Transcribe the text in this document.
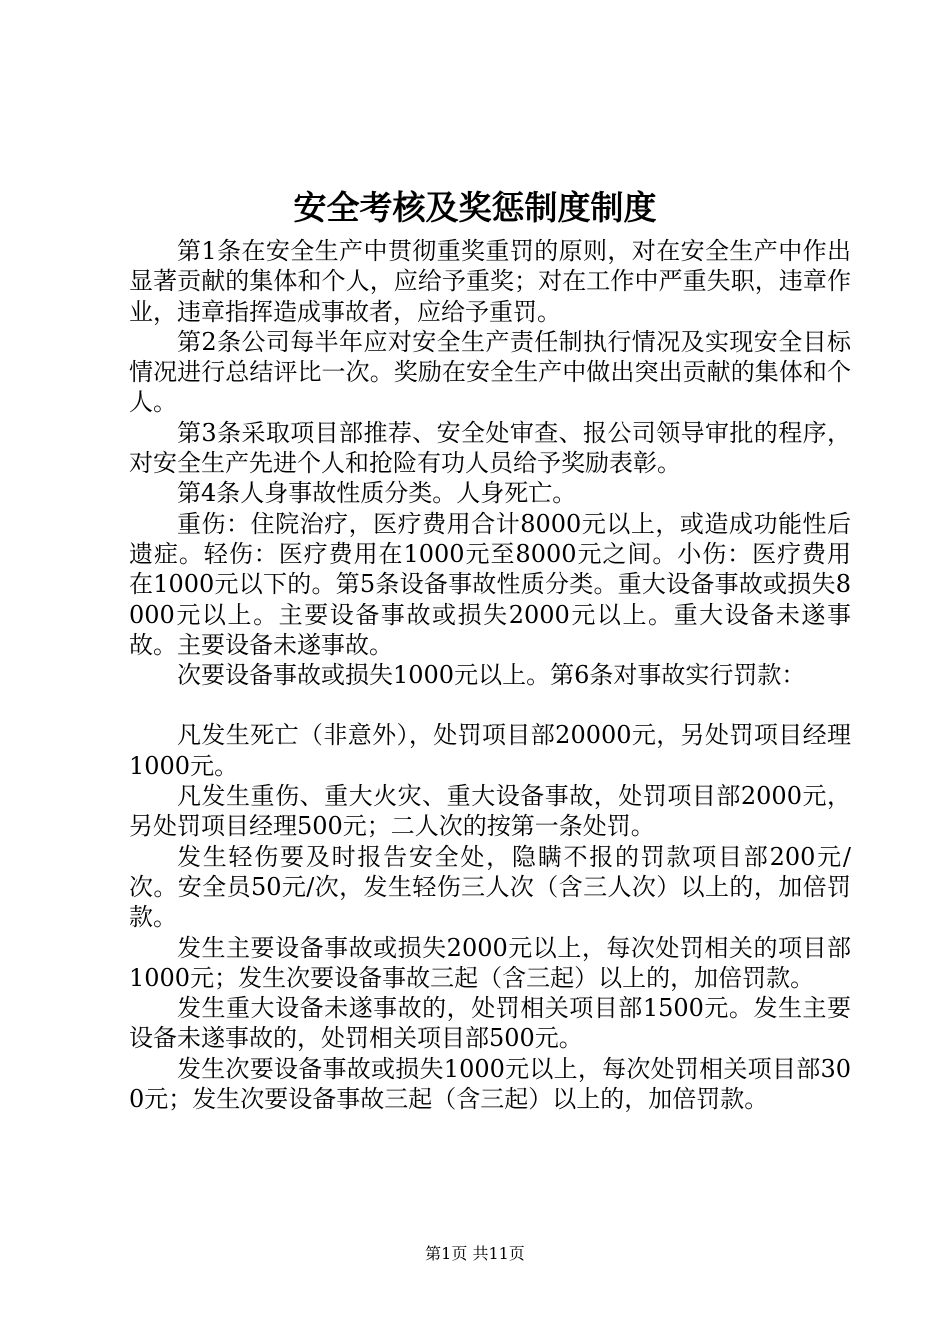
安全考核及奖惩制度制度

第1条在安全生产中贯彻重奖重罚的原则，对在安全生产中作出显著贡献的集体和个人，应给予重奖；对在工作中严重失职，违章作业，违章指挥造成事故者，应给予重罚。

第2条公司每半年应对安全生产责任制执行情况及实现安全目标情况进行总结评比一次。奖励在安全生产中做出突出贡献的集体和个人。

第3条采取项目部推荐、安全处审查、报公司领导审批的程序，对安全生产先进个人和抢险有功人员给予奖励表彰。

第4条人身事故性质分类。人身死亡。

重伤：住院治疗，医疗费用合计8000元以上，或造成功能性后遗症。轻伤：医疗费用在1000元至8000元之间。小伤：医疗费用在1000元以下的。第5条设备事故性质分类。重大设备事故或损失8000元以上。主要设备事故或损失2000元以上。重大设备未遂事故。主要设备未遂事故。

次要设备事故或损失1000元以上。第6条对事故实行罚款：

凡发生死亡（非意外），处罚项目部20000元，另处罚项目经理1000元。

凡发生重伤、重大火灾、重大设备事故，处罚项目部2000元，另处罚项目经理500元；二人次的按第一条处罚。

发生轻伤要及时报告安全处，隐瞒不报的罚款项目部200元/次。安全员50元/次，发生轻伤三人次（含三人次）以上的，加倍罚款。

发生主要设备事故或损失2000元以上，每次处罚相关的项目部1000元；发生次要设备事故三起（含三起）以上的，加倍罚款。

发生重大设备未遂事故的，处罚相关项目部1500元。发生主要设备未遂事故的，处罚相关项目部500元。

发生次要设备事故或损失1000元以上，每次处罚相关项目部300元；发生次要设备事故三起（含三起）以上的，加倍罚款。

第1页 共11页
